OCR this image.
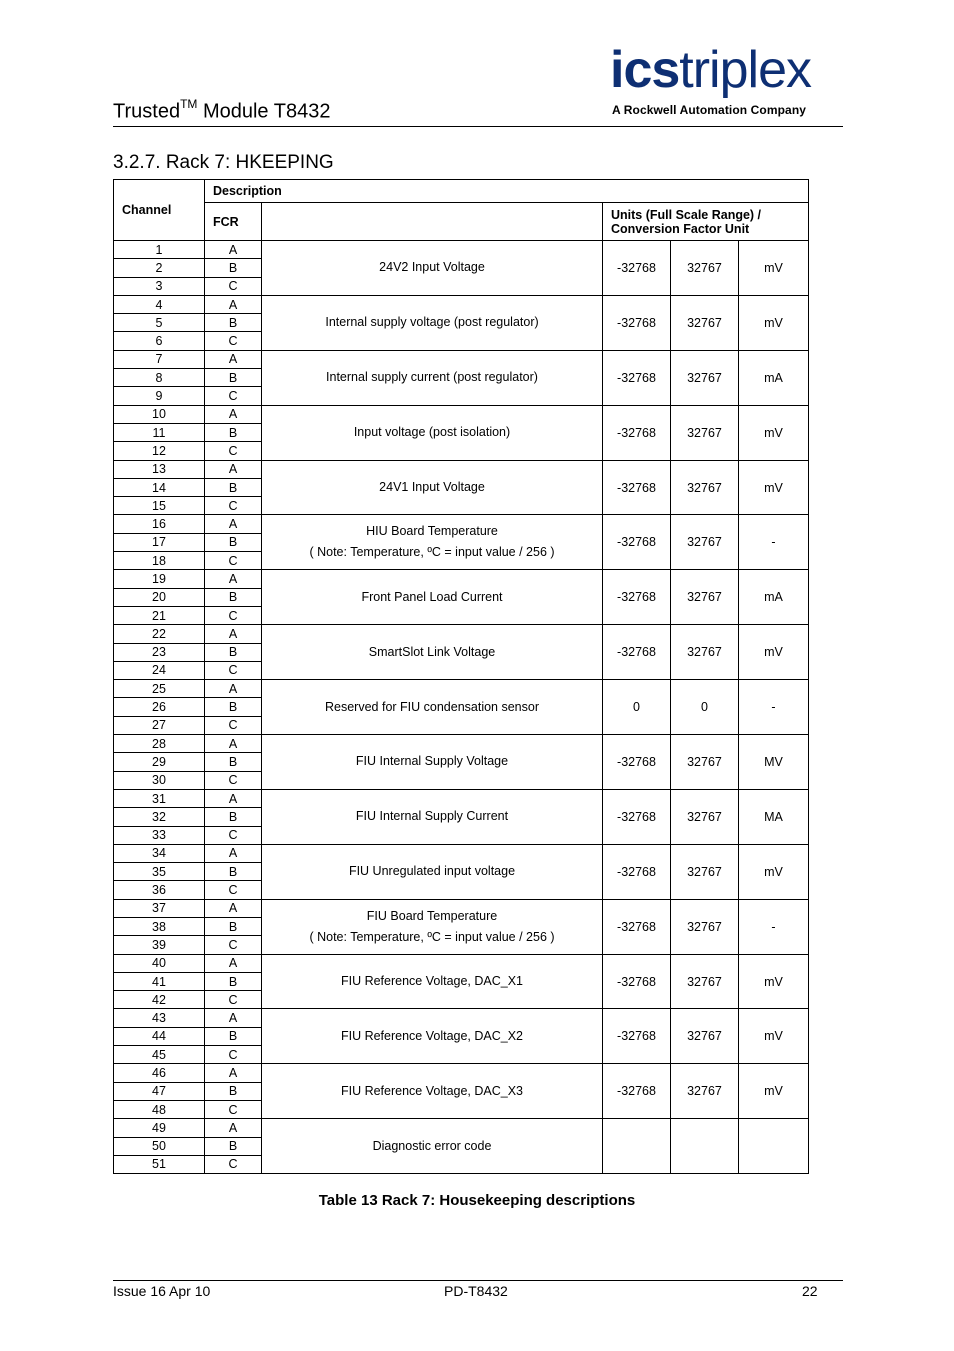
Trusted™ Module T8432
icstriplex
A Rockwell Automation Company
3.2.7. Rack 7: HKEEPING
Channel	Description				
	FCR		Units (Full Scale Range) /
Conversion Factor Unit		
1	A	24V2 Input Voltage	-32768	32767	mV
2	B				
3	C				
4	A	Internal supply voltage (post regulator)	-32768	32767	mV
5	B				
6	C				
7	A	Internal supply current (post regulator)	-32768	32767	mA
8	B				
9	C				
10	A	Input voltage (post isolation)	-32768	32767	mV
11	B				
12	C				
13	A	24V1 Input Voltage	-32768	32767	mV
14	B				
15	C				
16	A	HIU Board Temperature
( Note: Temperature, ºC = input value / 256 )	-32768	32767	-
17	B				
18	C				
19	A	Front Panel Load Current	-32768	32767	mA
20	B				
21	C				
22	A	SmartSlot Link Voltage	-32768	32767	mV
23	B				
24	C				
25	A	Reserved for FIU condensation sensor	0	0	-
26	B				
27	C				
28	A	FIU Internal Supply Voltage	-32768	32767	MV
29	B				
30	C				
31	A	FIU Internal Supply Current	-32768	32767	MA
32	B				
33	C				
34	A	FIU Unregulated input voltage	-32768	32767	mV
35	B				
36	C				
37	A	FIU Board Temperature
( Note: Temperature, ºC = input value / 256 )	-32768	32767	-
38	B				
39	C				
40	A	FIU Reference Voltage, DAC_X1	-32768	32767	mV
41	B				
42	C				
43	A	FIU Reference Voltage, DAC_X2	-32768	32767	mV
44	B				
45	C				
46	A	FIU Reference Voltage, DAC_X3	-32768	32767	mV
47	B				
48	C				
49	A	Diagnostic error code			
50	B				
51	C				
Table 13 Rack 7: Housekeeping descriptions
Issue 16 Apr 10	PD-T8432	22
